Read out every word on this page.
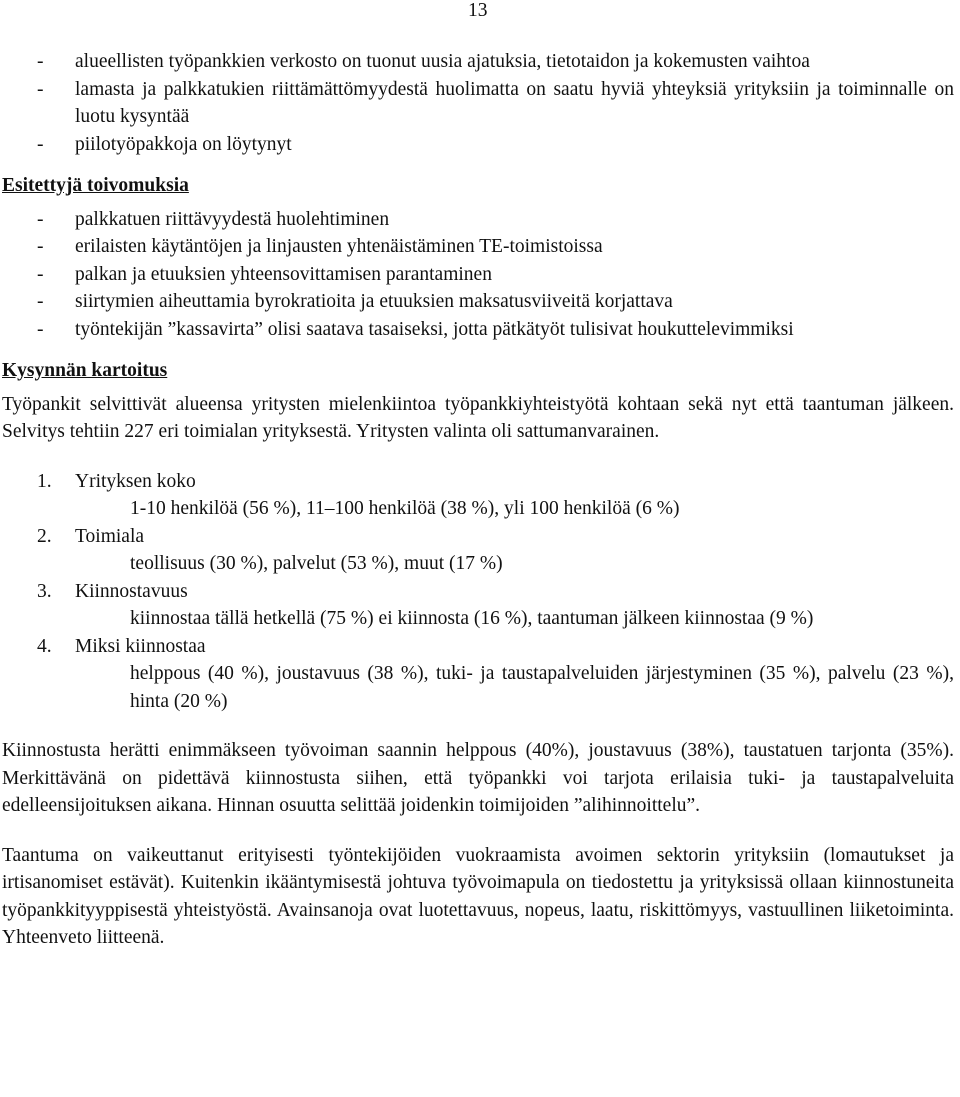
13
-	alueellisten työpankkien verkosto on tuonut uusia ajatuksia, tietotaidon ja kokemusten vaihtoa
-	lamasta ja palkkatukien riittämättömyydestä huolimatta on saatu hyviä yhteyksiä yrityksiin ja toiminnalle on luotu kysyntää
-	piilotyöpakkoja on löytynyt
Esitettyjä toivomuksia
-	palkkatuen riittävyydestä huolehtiminen
-	erilaisten käytäntöjen ja linjausten yhtenäistäminen TE-toimistoissa
-	palkan ja etuuksien yhteensovittamisen parantaminen
-	siirtymien aiheuttamia byrokratioita ja etuuksien maksatusviiveitä korjattava
-	työntekijän ”kassavirta” olisi saatava tasaiseksi, jotta pätkätyöt tulisivat houkuttelevimmiksi
Kysynnän kartoitus

Työpankit selvittivät alueensa yritysten mielenkiintoa työpankkiyhteistyötä kohtaan sekä nyt että taantuman jälkeen. Selvitys tehtiin 227 eri toimialan yrityksestä. Yritysten valinta oli sattumanvarainen.

1.	Yrityksen koko
1-10 henkilöä (56 %), 11–100 henkilöä (38 %), yli 100 henkilöä (6 %)
2.	Toimiala
teollisuus (30 %), palvelut (53 %), muut (17 %)
3.	Kiinnostavuus
kiinnostaa tällä hetkellä (75 %) ei kiinnosta (16 %), taantuman jälkeen kiinnostaa (9 %)
4.	Miksi kiinnostaa
helppous (40 %), joustavuus (38 %), tuki- ja taustapalveluiden järjestyminen (35 %), palvelu (23 %), hinta (20 %)

Kiinnostusta herätti enimmäkseen työvoiman saannin helppous (40%), joustavuus (38%), taustatuen tarjonta (35%). Merkittävänä on pidettävä kiinnostusta siihen, että työpankki voi tarjota erilaisia tuki- ja taustapalveluita edelleensijoituksen aikana. Hinnan osuutta selittää joidenkin toimijoiden ”alihinnoittelu”.

Taantuma on vaikeuttanut erityisesti työntekijöiden vuokraamista avoimen sektorin yrityksiin (lomautukset ja irtisanomiset estävät). Kuitenkin ikääntymisestä johtuva työvoimapula on tiedostettu ja yrityksissä ollaan kiinnostuneita työpankkityyppisestä yhteistyöstä. Avainsanoja ovat luotettavuus, nopeus, laatu, riskittömyys, vastuullinen liiketoiminta. Yhteenveto liitteenä.
